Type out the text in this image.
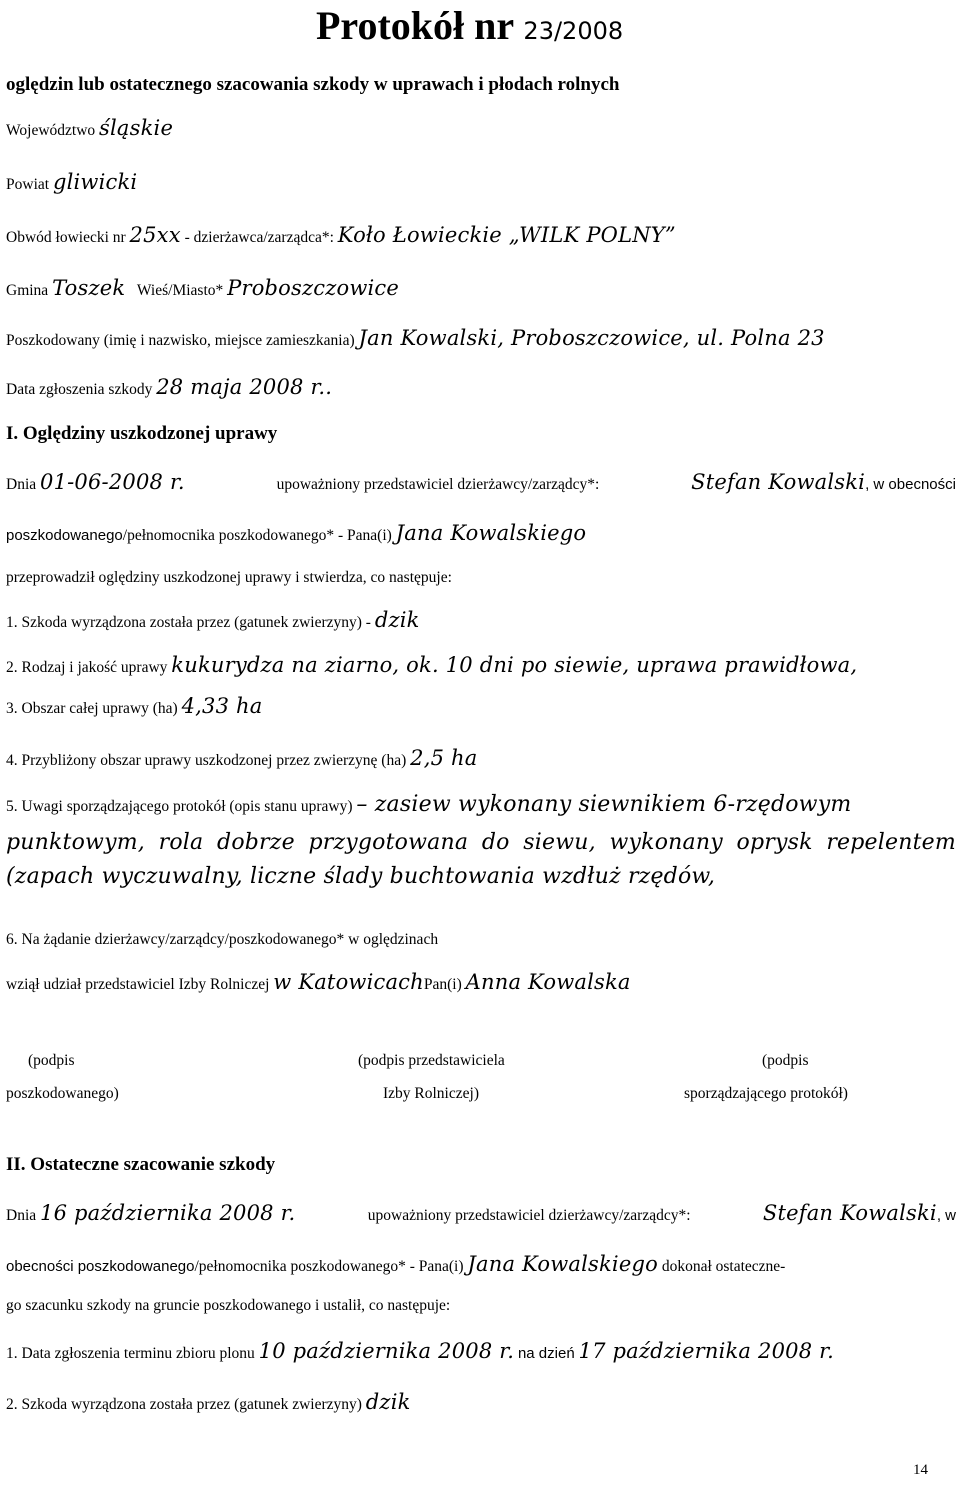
Protokół nr 23/2008
oględzin lub ostatecznego szacowania szkody w uprawach i płodach rolnych
Województwo śląskie
Powiat gliwicki
Obwód łowiecki nr 25xx - dzierżawca/zarządca*: Koło Łowieckie „WILK POLNY”
Gmina Toszek Wieś/Miasto* Proboszczowice
Poszkodowany (imię i nazwisko, miejsce zamieszkania) Jan Kowalski, Proboszczowice, ul. Polna 23
Data zgłoszenia szkody 28 maja 2008 r..
I. Oględziny uszkodzonej uprawy
Dnia 01-06-2008 r.	upoważniony przedstawiciel dzierżawcy/zarządcy*:	Stefan Kowalski, w obecności
poszkodowanego/pełnomocnika poszkodowanego* - Pana(i) Jana Kowalskiego
przeprowadził oględziny uszkodzonej uprawy i stwierdza, co następuje:
1. Szkoda wyrządzona została przez (gatunek zwierzyny) - dzik
2. Rodzaj i jakość uprawy kukurydza na ziarno, ok. 10 dni po siewie, uprawa prawidłowa,
3. Obszar całej uprawy (ha) 4,33 ha
4. Przybliżony obszar uprawy uszkodzonej przez zwierzynę (ha) 2,5 ha
5. Uwagi sporządzającego protokół (opis stanu uprawy) – zasiew wykonany siewnikiem 6-rzędowym
punktowym, rola dobrze przygotowana do siewu, wykonany oprysk repelentem
(zapach wyczuwalny, liczne ślady buchtowania wzdłuż rzędów,
6. Na żądanie dzierżawcy/zarządcy/poszkodowanego* w oględzinach
wziął udział przedstawiciel Izby Rolniczej w KatowicachPan(i) Anna Kowalska
(podpis
poszkodowanego)
(podpis przedstawiciela
Izby Rolniczej)
(podpis
sporządzającego protokół)
II. Ostateczne szacowanie szkody
Dnia 16 października 2008 r.	upoważniony przedstawiciel dzierżawcy/zarządcy*:	Stefan Kowalski, w
obecności poszkodowanego/pełnomocnika poszkodowanego* - Pana(i) Jana Kowalskiego dokonał ostateczne-
go szacunku szkody na gruncie poszkodowanego i ustalił, co następuje:
1. Data zgłoszenia terminu zbioru plonu 10 października 2008 r. na dzień 17 października 2008 r.
2. Szkoda wyrządzona została przez (gatunek zwierzyny) dzik
14
